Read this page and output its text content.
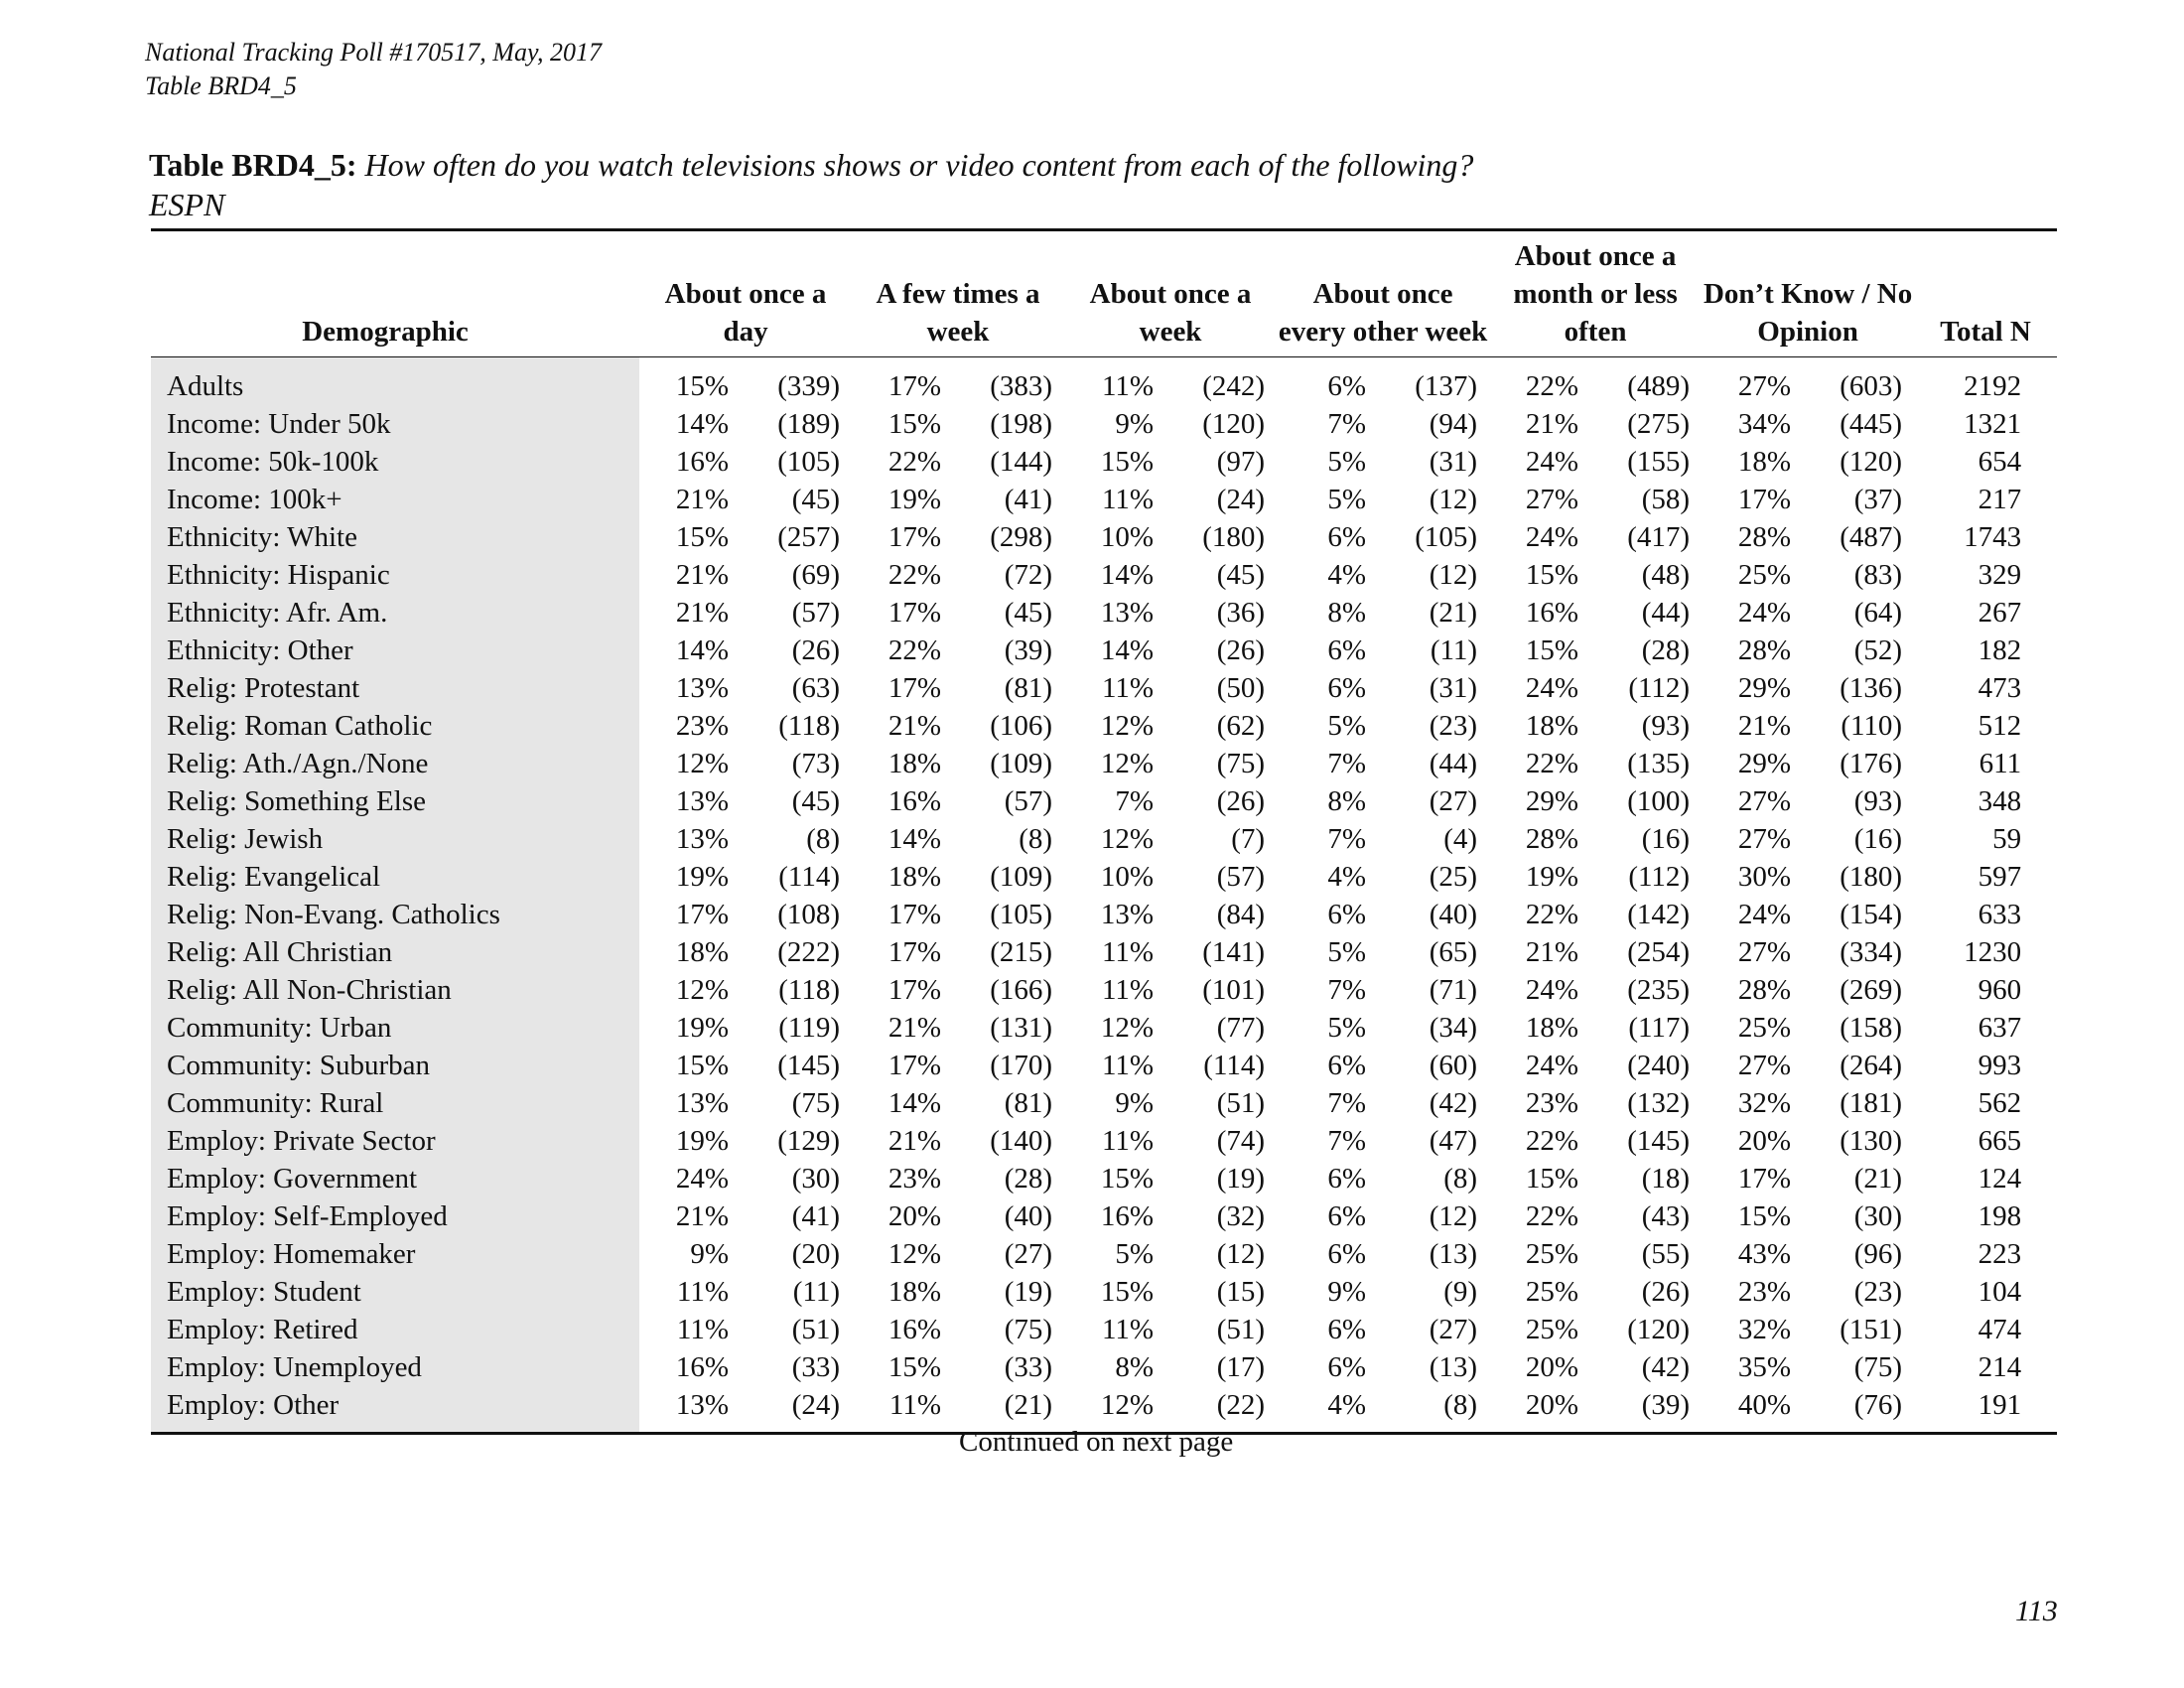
National Tracking Poll #170517, May, 2017
Table BRD4_5
Table BRD4_5: How often do you watch televisions shows or video content from each of the following?
ESPN
Demographic	About once a day		A few times a week		About once a week		About once every other week		About once a month or less often		Don’t Know / No Opinion		Total N
Adults	15%	(339)	17%	(383)	11%	(242)	6%	(137)	22%	(489)	27%	(603)	2192
Income: Under 50k	14%	(189)	15%	(198)	9%	(120)	7%	(94)	21%	(275)	34%	(445)	1321
Income: 50k-100k	16%	(105)	22%	(144)	15%	(97)	5%	(31)	24%	(155)	18%	(120)	654
Income: 100k+	21%	(45)	19%	(41)	11%	(24)	5%	(12)	27%	(58)	17%	(37)	217
Ethnicity: White	15%	(257)	17%	(298)	10%	(180)	6%	(105)	24%	(417)	28%	(487)	1743
Ethnicity: Hispanic	21%	(69)	22%	(72)	14%	(45)	4%	(12)	15%	(48)	25%	(83)	329
Ethnicity: Afr. Am.	21%	(57)	17%	(45)	13%	(36)	8%	(21)	16%	(44)	24%	(64)	267
Ethnicity: Other	14%	(26)	22%	(39)	14%	(26)	6%	(11)	15%	(28)	28%	(52)	182
Relig: Protestant	13%	(63)	17%	(81)	11%	(50)	6%	(31)	24%	(112)	29%	(136)	473
Relig: Roman Catholic	23%	(118)	21%	(106)	12%	(62)	5%	(23)	18%	(93)	21%	(110)	512
Relig: Ath./Agn./None	12%	(73)	18%	(109)	12%	(75)	7%	(44)	22%	(135)	29%	(176)	611
Relig: Something Else	13%	(45)	16%	(57)	7%	(26)	8%	(27)	29%	(100)	27%	(93)	348
Relig: Jewish	13%	(8)	14%	(8)	12%	(7)	7%	(4)	28%	(16)	27%	(16)	59
Relig: Evangelical	19%	(114)	18%	(109)	10%	(57)	4%	(25)	19%	(112)	30%	(180)	597
Relig: Non-Evang. Catholics	17%	(108)	17%	(105)	13%	(84)	6%	(40)	22%	(142)	24%	(154)	633
Relig: All Christian	18%	(222)	17%	(215)	11%	(141)	5%	(65)	21%	(254)	27%	(334)	1230
Relig: All Non-Christian	12%	(118)	17%	(166)	11%	(101)	7%	(71)	24%	(235)	28%	(269)	960
Community: Urban	19%	(119)	21%	(131)	12%	(77)	5%	(34)	18%	(117)	25%	(158)	637
Community: Suburban	15%	(145)	17%	(170)	11%	(114)	6%	(60)	24%	(240)	27%	(264)	993
Community: Rural	13%	(75)	14%	(81)	9%	(51)	7%	(42)	23%	(132)	32%	(181)	562
Employ: Private Sector	19%	(129)	21%	(140)	11%	(74)	7%	(47)	22%	(145)	20%	(130)	665
Employ: Government	24%	(30)	23%	(28)	15%	(19)	6%	(8)	15%	(18)	17%	(21)	124
Employ: Self-Employed	21%	(41)	20%	(40)	16%	(32)	6%	(12)	22%	(43)	15%	(30)	198
Employ: Homemaker	9%	(20)	12%	(27)	5%	(12)	6%	(13)	25%	(55)	43%	(96)	223
Employ: Student	11%	(11)	18%	(19)	15%	(15)	9%	(9)	25%	(26)	23%	(23)	104
Employ: Retired	11%	(51)	16%	(75)	11%	(51)	6%	(27)	25%	(120)	32%	(151)	474
Employ: Unemployed	16%	(33)	15%	(33)	8%	(17)	6%	(13)	20%	(42)	35%	(75)	214
Employ: Other	13%	(24)	11%	(21)	12%	(22)	4%	(8)	20%	(39)	40%	(76)	191
Continued on next page
113
